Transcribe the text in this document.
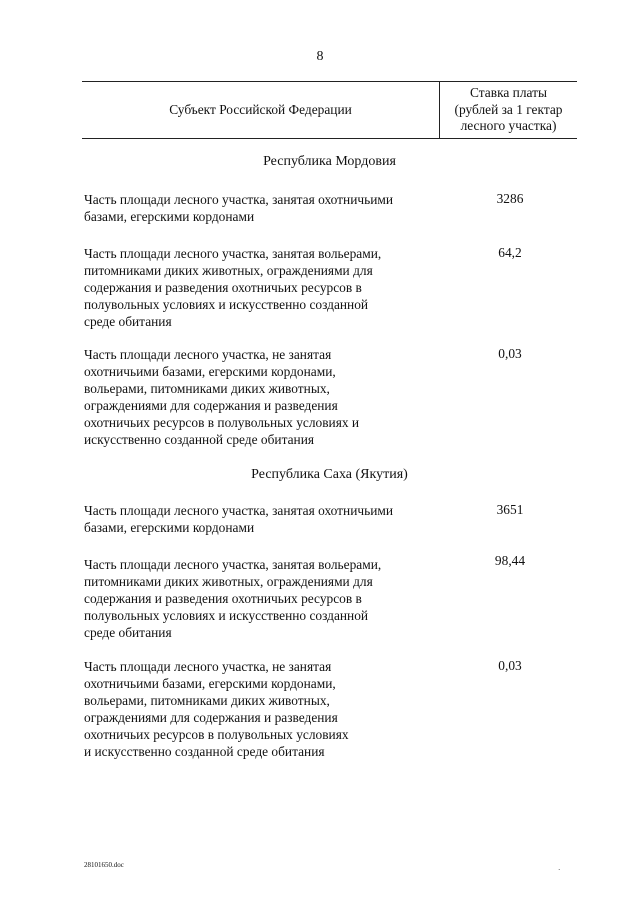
8
Субъект Российской Федерации
Ставка платы
(рублей за 1 гектар
лесного участка)
Республика Мордовия
Часть площади лесного участка, занятая охотничьими
базами, егерскими кордонами
3286
Часть площади лесного участка, занятая вольерами,
питомниками диких животных, ограждениями для
содержания и разведения охотничьих ресурсов в
полувольных условиях и искусственно созданной
среде обитания
64,2
Часть площади лесного участка, не занятая
охотничьими базами, егерскими кордонами,
вольерами, питомниками диких животных,
ограждениями для содержания и разведения
охотничьих ресурсов в полувольных условиях и
искусственно созданной среде обитания
0,03
Республика Саха (Якутия)
Часть площади лесного участка, занятая охотничьими
базами, егерскими кордонами
3651
Часть площади лесного участка, занятая вольерами,
питомниками диких животных, ограждениями для
содержания и разведения охотничьих ресурсов в
полувольных условиях и искусственно созданной
среде обитания
98,44
Часть площади лесного участка, не занятая
охотничьими базами, егерскими кордонами,
вольерами, питомниками диких животных,
ограждениями для содержания и разведения
охотничьих ресурсов в полувольных условиях
и искусственно созданной среде обитания
0,03
28101650.doc
·
